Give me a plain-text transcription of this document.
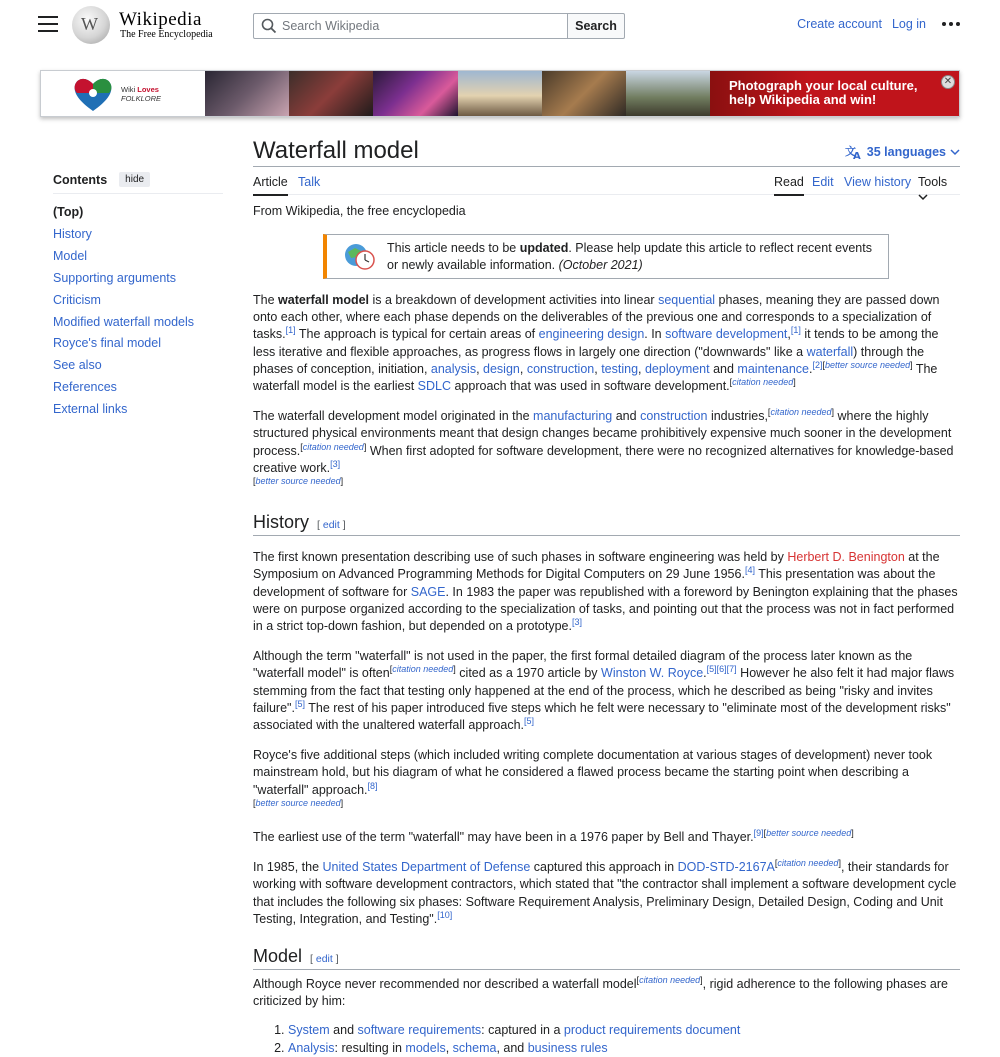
W
Wikipedia
The Free Encyclopedia
Search Wikipedia
Search	Create account Log in
Wiki Loves
FOLKLORE
Photograph your local culture,
help Wikipedia and win!
✕
Contents	hide
(Top)
History
Model
Supporting arguments
Criticism
Modified waterfall models
Royce's final model
See also
References
External links
Waterfall model	文
A 35 languages
Article Talk	Read Edit View history Tools
From Wikipedia, the free encyclopedia
This article needs to be updated. Please help update this article to reflect recent events or newly available information. (October 2021)

The waterfall model is a breakdown of development activities into linear sequential phases, meaning they are passed down onto each other, where each phase depends on the deliverables of the previous one and corresponds to a specialization of tasks.[1] The approach is typical for certain areas of engineering design. In software development,[1] it tends to be among the less iterative and flexible approaches, as progress flows in largely one direction ("downwards" like a waterfall) through the phases of conception, initiation, analysis, design, construction, testing, deployment and maintenance.[2][better source needed] The waterfall model is the earliest SDLC approach that was used in software development.[citation needed]

The waterfall development model originated in the manufacturing and construction industries,[citation needed] where the highly structured physical environments meant that design changes became prohibitively expensive much sooner in the development process.[citation needed] When first adopted for software development, there were no recognized alternatives for knowledge-based creative work.[3]
[better source needed]

History [ edit ]

The first known presentation describing use of such phases in software engineering was held by Herbert D. Benington at the Symposium on Advanced Programming Methods for Digital Computers on 29 June 1956.[4] This presentation was about the development of software for SAGE. In 1983 the paper was republished with a foreword by Benington explaining that the phases were on purpose organized according to the specialization of tasks, and pointing out that the process was not in fact performed in a strict top-down fashion, but depended on a prototype.[3]

Although the term "waterfall" is not used in the paper, the first formal detailed diagram of the process later known as the "waterfall model" is often[citation needed] cited as a 1970 article by Winston W. Royce.[5][6][7] However he also felt it had major flaws stemming from the fact that testing only happened at the end of the process, which he described as being "risky and invites failure".[5] The rest of his paper introduced five steps which he felt were necessary to "eliminate most of the development risks" associated with the unaltered waterfall approach.[5]

Royce's five additional steps (which included writing complete documentation at various stages of development) never took mainstream hold, but his diagram of what he considered a flawed process became the starting point when describing a "waterfall" approach.[8]
[better source needed]

The earliest use of the term "waterfall" may have been in a 1976 paper by Bell and Thayer.[9][better source needed]

In 1985, the United States Department of Defense captured this approach in DOD-STD-2167A[citation needed], their standards for working with software development contractors, which stated that "the contractor shall implement a software development cycle that includes the following six phases: Software Requirement Analysis, Preliminary Design, Detailed Design, Coding and Unit Testing, Integration, and Testing".[10]

Model [ edit ]

Although Royce never recommended nor described a waterfall model[citation needed], rigid adherence to the following phases are criticized by him:

1. System and software requirements: captured in a product requirements document
2. Analysis: resulting in models, schema, and business rules
